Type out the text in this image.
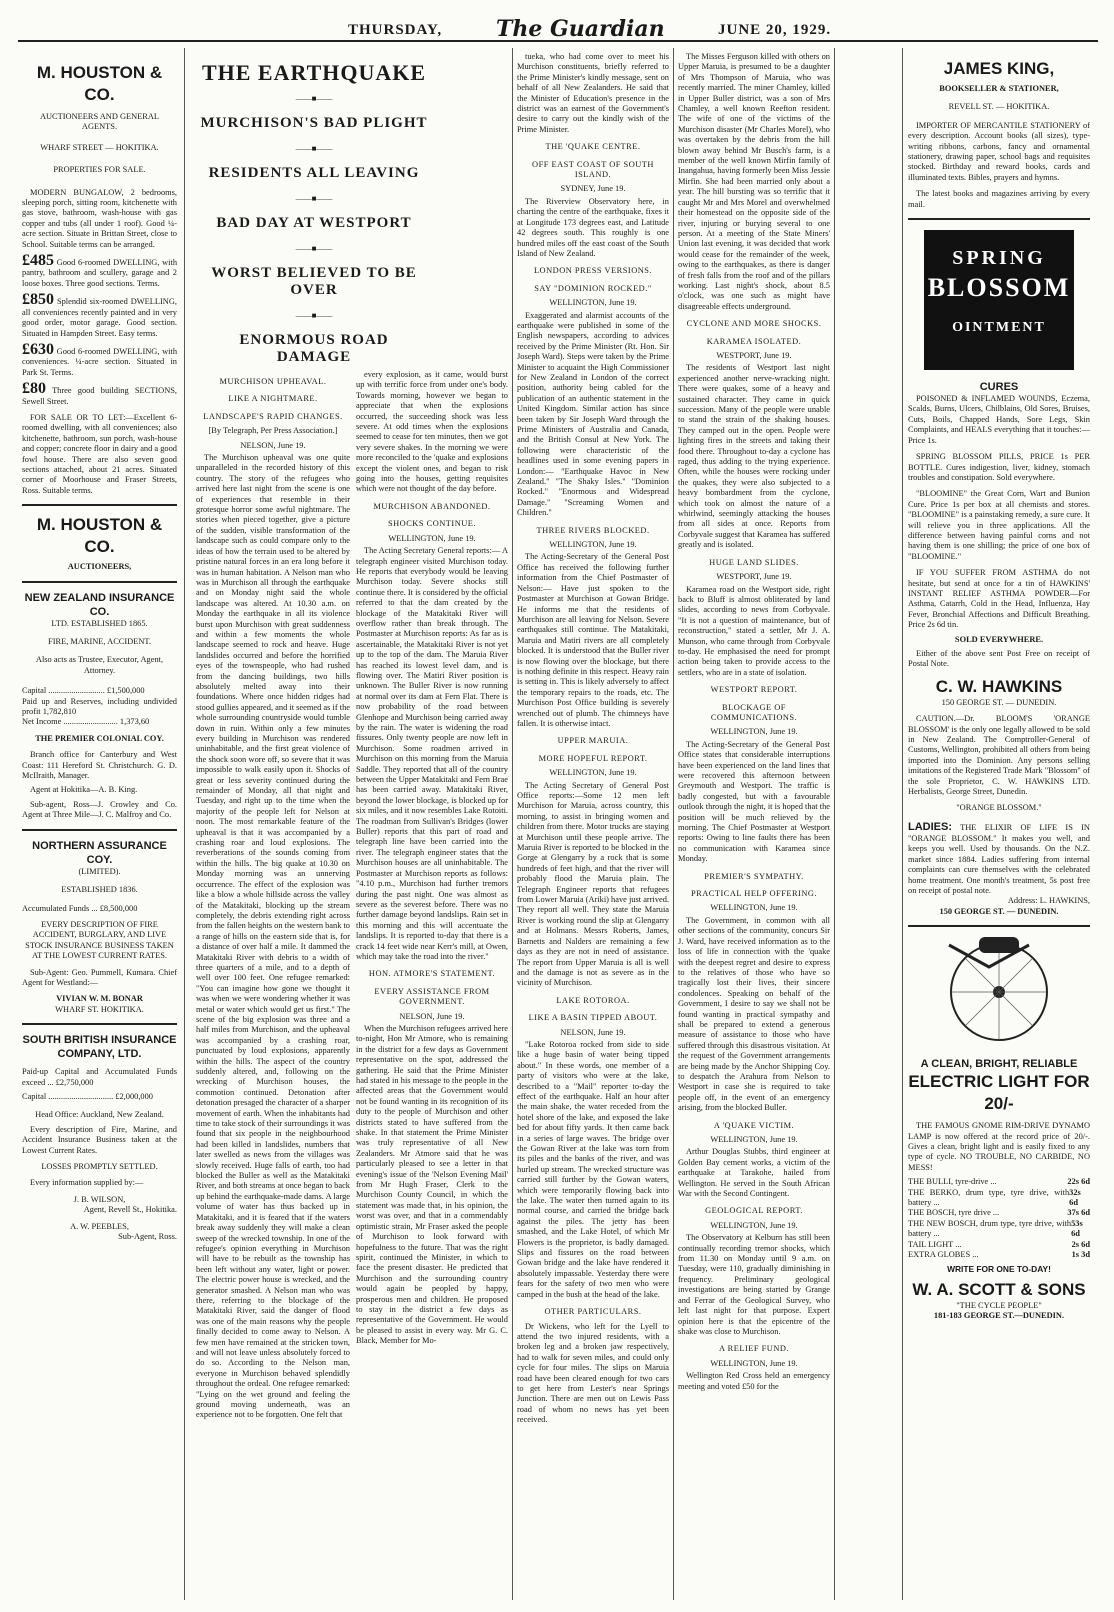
THURSDAY, The Guardian	JUNE 20, 1929.
M. HOUSTON & CO.
AUCTIONEERS AND GENERAL AGENTS.
WHARF STREET — HOKITIKA.
PROPERTIES FOR SALE.

MODERN BUNGALOW, 2 bedrooms, sleeping porch, sitting room, kitchenette with gas stove, bathroom, wash-house with gas copper and tubs (all under 1 roof). Good ¼-acre section. Situate in Brittan Street, close to School. Suitable terms can be arranged.

£485 Good 6-roomed DWELLING, with pantry, bathroom and scullery, garage and 2 loose boxes. Three good sections. Terms.
£850 Splendid six-roomed DWELLING, all conveniences recently painted and in very good order, motor garage. Good section. Situated in Hampden Street. Easy terms.
£630 Good 6-roomed DWELLING, with conveniences. ¼-acre section. Situated in Park St. Terms.
£80 Three good building SECTIONS, Sewell Street.

FOR SALE OR TO LET:—Excellent 6-roomed dwelling, with all conveniences; also kitchenette, bathroom, sun porch, wash-house and copper; concrete floor in dairy and a good fowl house. There are also seven good sections attached, about 21 acres. Situated corner of Moorhouse and Fraser Streets, Ross. Suitable terms.

M. HOUSTON & CO.
AUCTIONEERS,
NEW ZEALAND INSURANCE CO.
LTD. ESTABLISHED 1865.
FIRE, MARINE, ACCIDENT.
Also acts as Trustee, Executor, Agent, Attorney.
Capital ........................... £1,500,000
Paid up and Reserves, including undivided profit 1,782,810
Net Income .......................... 1,373,60
THE PREMIER COLONIAL COY.

Branch office for Canterbury and West Coast: 111 Hereford St. Christchurch. G. D. McIlraith, Manager.

Agent at Hokitika—A. B. King.

Sub-agent, Ross—J. Crowley and Co. Agent at Three Mile—J. C. Malfroy and Co.

NORTHERN ASSURANCE COY.
(LIMITED).
ESTABLISHED 1836.
Accumulated Funds ... £8,500,000
EVERY DESCRIPTION OF FIRE ACCIDENT, BURGLARY, AND LIVE STOCK INSURANCE BUSINESS TAKEN AT THE LOWEST CURRENT RATES.

Sub-Agent: Geo. Pummell, Kumara. Chief Agent for Westland:—

VIVIAN W. M. BONAR
WHARF ST. HOKITIKA.
SOUTH BRITISH INSURANCE COMPANY, LTD.
Paid-up Capital and Accumulated Funds exceed ... £2,750,000
Capital ............................... £2,000,000
Head Office: Auckland, New Zealand.

Every description of Fire, Marine, and Accident Insurance Business taken at the Lowest Current Rates.

LOSSES PROMPTLY SETTLED.

Every information supplied by:—

J. B. WILSON,
Agent, Revell St., Hokitika.
A. W. PEEBLES,
Sub-Agent, Ross.
THE EARTHQUAKE
——■——
MURCHISON'S BAD PLIGHT
——■——
RESIDENTS ALL LEAVING
——■——
BAD DAY AT WESTPORT
——■——
WORST BELIEVED TO BE OVER
——■——
ENORMOUS ROAD DAMAGE
MURCHISON UPHEAVAL.
LIKE A NIGHTMARE.
LANDSCAPE'S RAPID CHANGES.
[By Telegraph, Per Press Association.]
NELSON, June 19.

The Murchison upheaval was one quite unparalleled in the recorded history of this country. The story of the refugees who arrived here last night from the scene is one of experiences that resemble in their grotesque horror some awful nightmare. The stories when pieced together, give a picture of the sudden, visible transformation of the landscape such as could compare only to the ideas of how the terrain used to be altered by pristine natural forces in an era long before it was in human habitation. A Nelson man who was in Murchison all through the earthquake and on Monday night said the whole landscape was altered. At 10.30 a.m. on Monday the earthquake in all its violence burst upon Murchison with great suddenness and within a few moments the whole landscape seemed to rock and heave. Huge landslides occurred and before the horrified eyes of the townspeople, who had rushed from the dancing buildings, two hills absolutely melted away into their foundations. Where once hidden ridges had stood gullies appeared, and it seemed as if the whole surrounding countryside would tumble down in ruin. Within only a few minutes every building in Murchison was rendered uninhabitable, and the first great violence of the shock soon wore off, so severe that it was impossible to walk easily upon it. Shocks of great or less severity continued during the remainder of Monday, all that night and Tuesday, and right up to the time when the majority of the people left for Nelson at noon. The most remarkable feature of the upheaval is that it was accompanied by a crashing roar and loud explosions. The reverberations of the sounds coming from within the hills. The big quake at 10.30 on Monday morning was an unnerving occurrence. The effect of the explosion was like a blow a whole hillside across the valley of the Matakitaki, blocking up the stream completely, the debris extending right across from the fallen heights on the western bank to a range of hills on the eastern side that is, for a distance of over half a mile. It dammed the Matakitaki River with debris to a width of three quarters of a mile, and to a depth of well over 100 feet. One refugee remarked: "You can imagine how gone we thought it was when we were wondering whether it was metal or water which would get us first." The scene of the big explosion was three and a half miles from Murchison, and the upheaval was accompanied by a crashing roar, punctuated by loud explosions, apparently within the hills. The aspect of the country suddenly altered, and, following on the wrecking of Murchison houses, the commotion continued. Detonation after detonation presaged the character of a sharper movement of earth. When the inhabitants had time to take stock of their surroundings it was found that six people in the neighbourhood had been killed in landslides, numbers that later swelled as news from the villages was slowly received. Huge falls of earth, too had blocked the Buller as well as the Matakitaki River, and both streams at once began to back up behind the earthquake-made dams. A large volume of water has thus backed up in Matakitaki, and it is feared that if the waters break away suddenly they will make a clean sweep of the wrecked township. In one of the refugee's opinion everything in Murchison will have to be rebuilt as the township has been left without any water, light or power. The electric power house is wrecked, and the generator smashed. A Nelson man who was there, referring to the blockage of the Matakitaki River, said the danger of flood was one of the main reasons why the people finally decided to come away to Nelson. A few men have remained at the stricken town, and will not leave unless absolutely forced to do so. According to the Nelson man, everyone in Murchison behaved splendidly throughout the ordeal. One refugee remarked: "Lying on the wet ground and feeling the ground moving underneath, was an experience not to be forgotten. One felt that

every explosion, as it came, would burst up with terrific force from under one's body. Towards morning, however we began to appreciate that when the explosions occurred, the succeeding shock was less severe. At odd times when the explosions seemed to cease for ten minutes, then we got very severe shakes. In the morning we were more reconciled to the 'quake and explosions except the violent ones, and began to risk going into the houses, getting requisites which were not thought of the day before.

MURCHISON ABANDONED.
SHOCKS CONTINUE.
WELLINGTON, June 19.

The Acting Secretary General reports:— A telegraph engineer visited Murchison today. He reports that everybody would be leaving Murchison today. Severe shocks still continue there. It is considered by the official referred to that the dam created by the blockage of the Matakitaki River will overflow rather than break through. The Postmaster at Murchison reports: As far as is ascertainable, the Matakitaki River is not yet up to the top of the dam. The Maruia River has reached its lowest level dam, and is flowing over. The Matiri River position is unknown. The Buller River is now running at normal over its dam at Fern Flat. There is now probability of the road between Glenhope and Murchison being carried away by the rain. The water is widening the road fissures. Only twenty people are now left in Murchison. Some roadmen arrived in Murchison on this morning from the Maruia Saddle. They reported that all of the country between the Upper Matakitaki and Fern Brae has been carried away. Matakitaki River, beyond the lower blockage, is blocked up for six miles, and it now resembles Lake Rotoiti. The roadman from Sullivan's Bridges (lower Buller) reports that this part of road and telegraph line have been carried into the river. The telegraph engineer states that the Murchison houses are all uninhabitable. The Postmaster at Murchison reports as follows: "4.10 p.m., Murchison had further tremors during the past night. One was almost as severe as the severest before. There was no further damage beyond landslips. Rain set in this morning and this will accentuate the landslips. It is reported to-day that there is a crack 14 feet wide near Kerr's mill, at Owen, which may take the road into the river."

HON. ATMORE'S STATEMENT.
EVERY ASSISTANCE FROM GOVERNMENT.
NELSON, June 19.

When the Murchison refugees arrived here to-night, Hon Mr Atmore, who is remaining in the district for a few days as Government representative on the spot, addressed the gathering. He said that the Prime Minister had stated in his message to the people in the affected areas that the Government would not be found wanting in its recognition of its duty to the people of Murchison and other districts stated to have suffered from the shake. In that statement the Prime Minister was truly representative of all New Zealanders. Mr Atmore said that he was particularly pleased to see a letter in that evening's issue of the 'Nelson Evening Mail' from Mr Hugh Fraser, Clerk to the Murchison County Council, in which the statement was made that, in his opinion, the worst was over, and that in a commendably optimistic strain, Mr Fraser asked the people of Murchison to look forward with hopefulness to the future. That was the right spirit, continued the Minister, in which to face the present disaster. He predicted that Murchison and the surrounding country would again be peopled by happy, prosperous men and children. He proposed to stay in the district a few days as representative of the Government. He would be pleased to assist in every way. Mr G. C. Black, Member for Mo-

tueka, who had come over to meet his Murchison constituents, briefly referred to the Prime Minister's kindly message, sent on behalf of all New Zealanders. He said that the Minister of Education's presence in the district was an earnest of the Government's desire to carry out the kindly wish of the Prime Minister.

THE 'QUAKE CENTRE.
OFF EAST COAST OF SOUTH ISLAND.
SYDNEY, June 19.

The Riverview Observatory here, in charting the centre of the earthquake, fixes it at Longitude 173 degrees east, and Latitude 42 degrees south. This roughly is one hundred miles off the east coast of the South Island of New Zealand.

LONDON PRESS VERSIONS.
SAY "DOMINION ROCKED."
WELLINGTON, June 19.

Exaggerated and alarmist accounts of the earthquake were published in some of the English newspapers, according to advices received by the Prime Minister (Rt. Hon. Sir Joseph Ward). Steps were taken by the Prime Minister to acquaint the High Commissioner for New Zealand in London of the correct position, authority being cabled for the publication of an authentic statement in the United Kingdom. Similar action has since been taken by Sir Joseph Ward through the Prime Ministers of Australia and Canada, and the British Consul at New York. The following were characteristic of the headlines used in some evening papers in London:— "Earthquake Havoc in New Zealand." "The Shaky Isles." "Dominion Rocked." "Enormous and Widespread Damage." "Screaming Women and Children."

THREE RIVERS BLOCKED.
WELLINGTON, June 19.

The Acting-Secretary of the General Post Office has received the following further information from the Chief Postmaster of Nelson:— Have just spoken to the Postmaster at Murchison at Gowan Bridge. He informs me that the residents of Murchison are all leaving for Nelson. Severe earthquakes still continue. The Matakitaki, Maruia and Matiri rivers are all completely blocked. It is understood that the Buller river is now flowing over the blockage, but there is nothing definite in this respect. Heavy rain is setting in. This is likely adversely to affect the temporary repairs to the roads, etc. The Murchison Post Office building is severely wrenched out of plumb. The chimneys have fallen. It is otherwise intact.

UPPER MARUIA.
MORE HOPEFUL REPORT.
WELLINGTON, June 19.

The Acting Secretary of General Post Office reports:—Some 12 men left Murchison for Maruia, across country, this morning, to assist in bringing women and children from there. Motor trucks are staying at Murchison until these people arrive. The Maruia River is reported to be blocked in the Gorge at Glengarry by a rock that is some hundreds of feet high, and that the river will probably flood the Maruia plain. The Telegraph Engineer reports that refugees from Lower Maruia (Ariki) have just arrived. They report all well. They state the Maruia River is working round the slip at Glengarry and at Holmans. Messrs Roberts, James, Barnetts and Nalders are remaining a few days as they are not in need of assistance. The report from Upper Maruia is all is well and the damage is not as severe as in the vicinity of Murchison.

LAKE ROTOROA.
LIKE A BASIN TIPPED ABOUT.
NELSON, June 19.

"Lake Rotoroa rocked from side to side like a huge basin of water being tipped about." In these words, one member of a party of visitors who were at the lake, described to a "Mail" reporter to-day the effect of the earthquake. Half an hour after the main shake, the water receded from the hotel shore of the lake, and exposed the lake bed for about fifty yards. It then came back in a series of large waves. The bridge over the Gowan River at the lake was torn from its piles and the banks of the river, and was hurled up stream. The wrecked structure was carried still further by the Gowan waters, which were temporarily flowing back into the lake. The water then turned again to its normal course, and carried the bridge back against the piles. The jetty has been smashed, and the Lake Hotel, of which Mr Flowers is the proprietor, is badly damaged. Slips and fissures on the road between Gowan bridge and the lake have rendered it absolutely impassable. Yesterday there were fears for the safety of two men who were camped in the bush at the head of the lake.

OTHER PARTICULARS.

Dr Wickens, who left for the Lyell to attend the two injured residents, with a broken leg and a broken jaw respectively, had to walk for seven miles, and could only cycle for four miles. The slips on Maruia road have been cleared enough for two cars to get here from Lester's near Springs Junction. There are men out on Lewis Pass road of whom no news has yet been received.

The Misses Ferguson killed with others on Upper Maruia, is presumed to be a daughter of Mrs Thompson of Maruia, who was recently married. The miner Chamley, killed in Upper Buller district, was a son of Mrs Chamley, a well known Reefton resident. The wife of one of the victims of the Murchison disaster (Mr Charles Morel), who was overtaken by the debris from the hill blown away behind Mr Busch's farm, is a member of the well known Mirfin family of Inangahua, having formerly been Miss Jessie Mirfin. She had been married only about a year. The hill bursting was so terrific that it caught Mr and Mrs Morel and overwhelmed their homestead on the opposite side of the river, injuring or burying several to one person. At a meeting of the State Miners' Union last evening, it was decided that work would cease for the remainder of the week, owing to the earthquakes, as there is danger of fresh falls from the roof and of the pillars working. Last night's shock, about 8.5 o'clock, was one such as might have disagreeable effects underground.

CYCLONE AND MORE SHOCKS.
KARAMEA ISOLATED.
WESTPORT, June 19.

The residents of Westport last night experienced another nerve-wracking night. There were quakes, some of a heavy and sustained character. They came in quick succession. Many of the people were unable to stand the strain of the shaking houses. They camped out in the open. People were lighting fires in the streets and taking their food there. Throughout to-day a cyclone has raged, thus adding to the trying experience. Often, while the houses were rocking under the quakes, they were also subjected to a heavy bombardment from the cyclone, which took on almost the nature of a whirlwind, seemingly attacking the houses from all sides at once. Reports from Corbyvale suggest that Karamea has suffered greatly and is isolated.

HUGE LAND SLIDES.
WESTPORT, June 19.

Karamea road on the Westport side, right back to Bluff is almost obliterated by land slides, according to news from Corbyvale. "It is not a question of maintenance, but of reconstruction," stated a settler, Mr J. A. Munson, who came through from Corbyvale to-day. He emphasised the need for prompt action being taken to provide access to the settlers, who are in a state of isolation.

WESTPORT REPORT.
BLOCKAGE OF COMMUNICATIONS.
WELLINGTON, June 19.

The Acting-Secretary of the General Post Office states that considerable interruptions have been experienced on the land lines that were recovered this afternoon between Greymouth and Westport. The traffic is badly congested, but with a favourable outlook through the night, it is hoped that the position will be much relieved by the morning. The Chief Postmaster at Westport reports: Owing to line faults there has been no communication with Karamea since Monday.

PREMIER'S SYMPATHY.
PRACTICAL HELP OFFERING.
WELLINGTON, June 19.

The Government, in common with all other sections of the community, concurs Sir J. Ward, have received information as to the loss of life in connection with the 'quake with the deepest regret and desire to express to the relatives of those who have so tragically lost their lives, their sincere condolences. Speaking on behalf of the Government, I desire to say we shall not be found wanting in practical sympathy and shall be prepared to extend a generous measure of assistance to those who have suffered through this disastrous visitation. At the request of the Government arrangements are being made by the Anchor Shipping Coy. to despatch the Arahura from Nelson to Westport in case she is required to take people off, in the event of an emergency arising, from the blocked Buller.

A 'QUAKE VICTIM.
WELLINGTON, June 19.

Arthur Douglas Stubbs, third engineer at Golden Bay cement works, a victim of the earthquake at Tarakohe, hailed from Wellington. He served in the South African War with the Second Contingent.

GEOLOGICAL REPORT.
WELLINGTON, June 19.

The Observatory at Kelburn has still been continually recording tremor shocks, which from 11.30 on Monday until 9 a.m. on Tuesday, were 110, gradually diminishing in frequency. Preliminary geological investigations are being started by Grange and Ferrar of the Geological Survey, who left last night for that purpose. Expert opinion here is that the epicentre of the shake was close to Murchison.

A RELIEF FUND.
WELLINGTON, June 19.

Wellington Red Cross held an emergency meeting and voted £50 for the

JAMES KING,
BOOKSELLER & STATIONER,
REVELL ST. — HOKITIKA.

IMPORTER OF MERCANTILE STATIONERY of every description. Account books (all sizes), type-writing ribbons, carbons, fancy and ornamental stationery, drawing paper, school bags and requisites stocked. Birthday and reward books, cards and illuminated texts. Bibles, prayers and hymns.

The latest books and magazines arriving by every mail.

SPRING
BLOSSOM
OINTMENT
CURES

POISONED & INFLAMED WOUNDS, Eczema, Scalds, Burns, Ulcers, Chilblains, Old Sores, Bruises, Cuts, Boils, Chapped Hands, Sore Legs, Skin Complaints, and HEALS everything that it touches:—Price 1s.

SPRING BLOSSOM PILLS, PRICE 1s PER BOTTLE. Cures indigestion, liver, kidney, stomach troubles and constipation. Sold everywhere.

"BLOOMINE" the Great Corn, Wart and Bunion Cure. Price 1s per box at all chemists and stores. "BLOOMINE" is a painstaking remedy, a sure cure. It will relieve you in three applications. All the difference between having painful corns and not having them is one shilling; the price of one box of "BLOOMINE."

IF YOU SUFFER FROM ASTHMA do not hesitate, but send at once for a tin of HAWKINS' INSTANT RELIEF ASTHMA POWDER—For Asthma, Catarrh, Cold in the Head, Influenza, Hay Fever, Bronchial Affections and Difficult Breathing. Price 2s 6d tin.

SOLD EVERYWHERE.

Either of the above sent Post Free on receipt of Postal Note.

C. W. HAWKINS
150 GEORGE ST. — DUNEDIN.

CAUTION.—Dr. BLOOM'S 'ORANGE BLOSSOM' is the only one legally allowed to be sold in New Zealand. The Comptroller-General of Customs, Wellington, prohibited all others from being imported into the Dominion. Any persons selling imitations of the Registered Trade Mark "Blossom" of the sole Proprietor, C. W. HAWKINS LTD. Herbalists, George Street, Dunedin.

"ORANGE BLOSSOM."
LADIES: THE ELIXIR OF LIFE IS IN "ORANGE BLOSSOM." It makes you well, and keeps you well. Used by thousands. On the N.Z. market since 1884. Ladies suffering from internal complaints can cure themselves with the celebrated home treatment. One month's treatment, 5s post free on receipt of postal note.
Address: L. HAWKINS,
150 GEORGE ST. — DUNEDIN.
A CLEAN, BRIGHT, RELIABLE
ELECTRIC LIGHT FOR 20/-

THE FAMOUS GNOME RIM-DRIVE DYNAMO LAMP is now offered at the record price of 20/-. Gives a clean, bright light and is easily fixed to any type of cycle. NO TROUBLE, NO CARBIDE, NO MESS!

THE BULLI, tyre-drive ...	22s 6d
THE BERKO, drum type, tyre drive, with battery ...
32s 6d
THE BOSCH, tyre drive ...	37s 6d
THE NEW BOSCH, drum type, tyre drive, with battery ...
53s 6d
TAIL LIGHT ...	2s 6d
EXTRA GLOBES ...	1s 3d
WRITE FOR ONE TO-DAY!
W. A. SCOTT & SONS
"THE CYCLE PEOPLE"
181-183 GEORGE ST.—DUNEDIN.
